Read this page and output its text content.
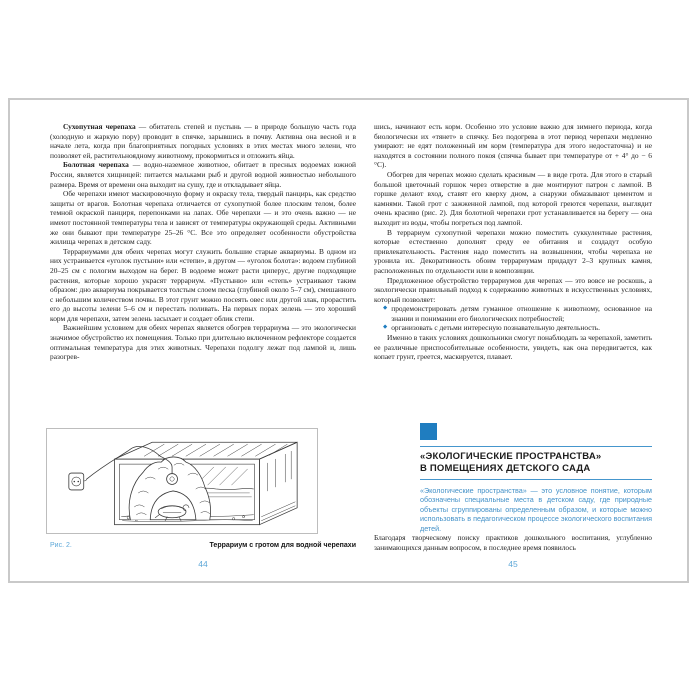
Сухопутная черепаха — обитатель степей и пустынь — в природе большую часть года (холодную и жаркую пору) проводит в спячке, зарывшись в почву. Активна она весной и в начале лета, когда при благоприятных погодных условиях в этих местах много зелени, что позволяет ей, растительноядному животному, прокормиться и отложить яйца.

Болотная черепаха — водно-наземное животное, обитает в пресных водоемах южной России, является хищницей: питается мальками рыб и другой водной живностью небольшого размера. Время от времени она выходит на сушу, где и откладывает яйца.

Обе черепахи имеют маскировочную форму и окраску тела, твердый панцирь, как средство защиты от врагов. Болотная черепаха отличается от сухопутной более плоским телом, более темной окраской панциря, перепонками на лапах. Обе черепахи — и это очень важно — не имеют постоянной температуры тела и зависят от температуры окружающей среды. Активными же они бывают при температуре 25–26 °С. Все это определяет особенности обустройства жилища черепах в детском саду.

Террариумами для обеих черепах могут служить большие старые аквариумы. В одном из них устраивается «уголок пустыни» или «степи», в другом — «уголок болота»: водоем глубиной 20–25 см с пологим выходом на берег. В водоеме может расти циперус, другие подходящие растения, которые хорошо украсят террариум. «Пустыню» или «степь» устраивают таким образом: дно аквариума покрывается толстым слоем песка (глубиной около 5–7 см), смешанного с небольшим количеством почвы. В этот грунт можно посеять овес или другой злак, прорастить его до высоты зелени 5–6 см и перестать поливать. На первых порах зелень — это хороший корм для черепахи, затем зелень засыхает и создает облик степи.

Важнейшим условием для обеих черепах является обогрев террариума — это экологически значимое обустройство их помещения. Только при длительно включенном рефлекторе создается оптимальная температура для этих животных. Черепахи подолгу лежат под лампой и, лишь разогрев-

Рис. 2.	Террариум с гротом для водной черепахи
44

шись, начинают есть корм. Особенно это условие важно для зимнего периода, когда биологически их «тянет» в спячку. Без подогрева в этот период черепахи медленно умирают: не едят положенный им корм (температура для этого недостаточна) и не находятся в состоянии полного покоя (спячка бывает при температуре от + 4° до − 6 °С).

Обогрев для черепах можно сделать красивым — в виде грота. Для этого в старый большой цветочный горшок через отверстие в дне монтируют патрон с лампой. В горшке делают вход, ставят его кверху дном, а снаружи обмазывают цементом и камнями. Такой грот с зажженной лампой, под которой греются черепахи, выглядит очень красиво (рис. 2). Для болотной черепахи грот устанавливается на берегу — она выходит из воды, чтобы погреться под лампой.

В террариум сухопутной черепахи можно поместить суккулентные растения, которые естественно дополнят среду ее обитания и создадут особую привлекательность. Растения надо поместить на возвышении, чтобы черепаха не уронила их. Декоративность обоим террариумам придадут 2–3 крупных камня, расположенных по отдельности или в композиции.

Предложенное обустройство террариумов для черепах — это вовсе не роскошь, а экологически правильный подход к содержанию животных в искусственных условиях, который позволяет:

◆ продемонстрировать детям гуманное отношение к животному, основанное на знании и понимании его биологических потребностей;
◆ организовать с детьми интересную познавательную деятельность.

Именно в таких условиях дошкольники смогут понаблюдать за черепахой, заметить ее различные приспособительные особенности, увидеть, как она передвигается, как копает грунт, греется, маскируется, плавает.

«ЭКОЛОГИЧЕСКИЕ ПРОСТРАНСТВА»
В ПОМЕЩЕНИЯХ ДЕТСКОГО САДА
«Экологические пространства» — это условное понятие, которым обозначены специальные места в детском саду, где природные объекты сгруппированы определенным образом, и которые можно использовать в педагогическом процессе экологического воспитания детей.

Благодаря творческому поиску практиков дошкольного воспитания, углубленно занимающихся данным вопросом, в последнее время появилось

45
